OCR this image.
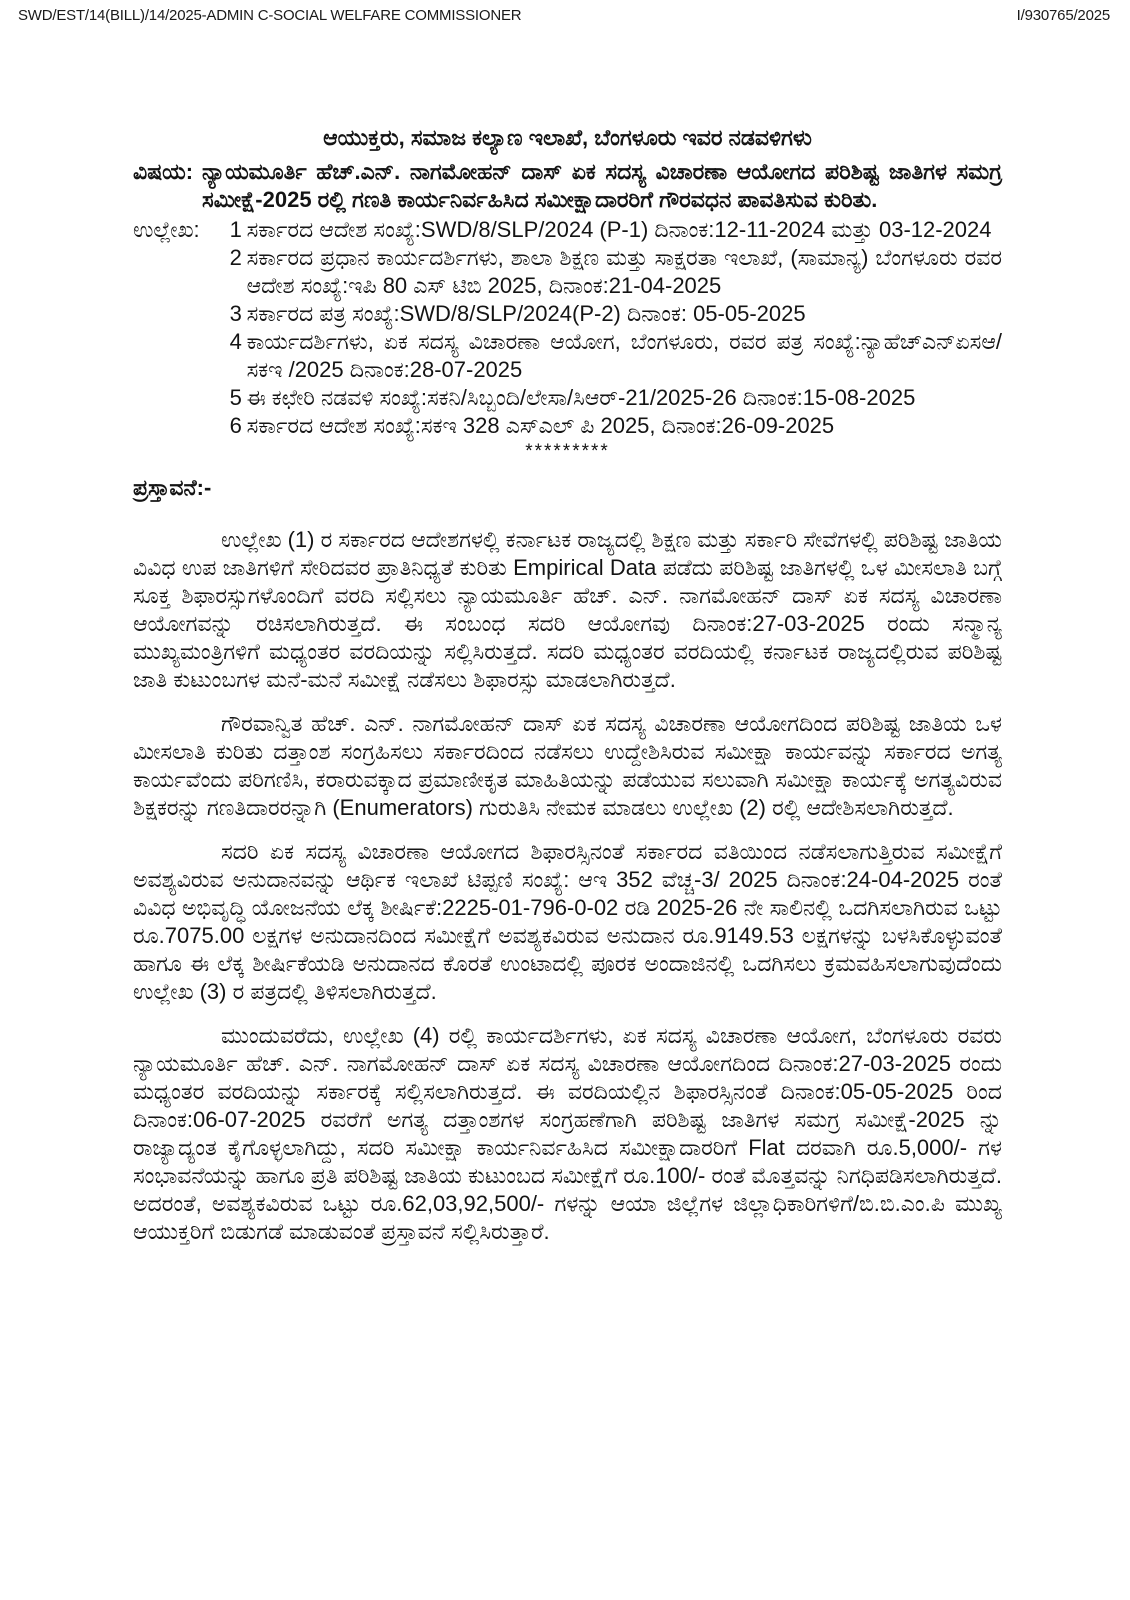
SWD/EST/14(BILL)/14/2025-ADMIN C-SOCIAL WELFARE COMMISSIONER	I/930765/2025
ಆಯುಕ್ತರು, ಸಮಾಜ ಕಲ್ಯಾಣ ಇಲಾಖೆ, ಬೆಂಗಳೂರು ಇವರ ನಡವಳಿಗಳು
ವಿಷಯ: ನ್ಯಾಯಮೂರ್ತಿ ಹೆಚ್.ಎನ್. ನಾಗಮೋಹನ್ ದಾಸ್ ಏಕ ಸದಸ್ಯ ವಿಚಾರಣಾ ಆಯೋಗದ ಪರಿಶಿಷ್ಟ ಜಾತಿಗಳ ಸಮಗ್ರ ಸಮೀಕ್ಷೆ-2025 ರಲ್ಲಿ ಗಣತಿ ಕಾರ್ಯನಿರ್ವಹಿಸಿದ ಸಮೀಕ್ಷಾದಾರರಿಗೆ ಗೌರವಧನ ಪಾವತಿಸುವ ಕುರಿತು.
ಉಲ್ಲೇಖ: 1 ಸರ್ಕಾರದ ಆದೇಶ ಸಂಖ್ಯೆ:SWD/8/SLP/2024 (P-1) ದಿನಾಂಕ:12-11-2024 ಮತ್ತು 03-12-2024
2 ಸರ್ಕಾರದ ಪ್ರಧಾನ ಕಾರ್ಯದರ್ಶಿಗಳು, ಶಾಲಾ ಶಿಕ್ಷಣ ಮತ್ತು ಸಾಕ್ಷರತಾ ಇಲಾಖೆ, (ಸಾಮಾನ್ಯ) ಬೆಂಗಳೂರು ರವರ ಆದೇಶ ಸಂಖ್ಯೆ:ಇಪಿ 80 ಎಸ್ ಟಿಬಿ 2025, ದಿನಾಂಕ:21-04-2025
3 ಸರ್ಕಾರದ ಪತ್ರ ಸಂಖ್ಯೆ:SWD/8/SLP/2024(P-2) ದಿನಾಂಕ: 05-05-2025
4 ಕಾರ್ಯದರ್ಶಿಗಳು, ಏಕ ಸದಸ್ಯ ವಿಚಾರಣಾ ಆಯೋಗ, ಬೆಂಗಳೂರು, ರವರ ಪತ್ರ ಸಂಖ್ಯೆ:ನ್ಯಾಹೆಚ್ಎನ್ಏಸಆ/ಸಕಇ /2025 ದಿನಾಂಕ:28-07-2025
5 ಈ ಕಛೇರಿ ನಡವಳಿ ಸಂಖ್ಯೆ:ಸಕನಿ/ಸಿಬ್ಬಂದಿ/ಲೇಸಾ/ಸಿಆರ್-21/2025-26 ದಿನಾಂಕ:15-08-2025
6 ಸರ್ಕಾರದ ಆದೇಶ ಸಂಖ್ಯೆ:ಸಕಇ 328 ಎಸ್ಎಲ್ ಪಿ 2025, ದಿನಾಂಕ:26-09-2025
*********
ಪ್ರಸ್ತಾವನೆ:-

ಉಲ್ಲೇಖ (1) ರ ಸರ್ಕಾರದ ಆದೇಶಗಳಲ್ಲಿ ಕರ್ನಾಟಕ ರಾಜ್ಯದಲ್ಲಿ ಶಿಕ್ಷಣ ಮತ್ತು ಸರ್ಕಾರಿ ಸೇವೆಗಳಲ್ಲಿ ಪರಿಶಿಷ್ಟ ಜಾತಿಯ ವಿವಿಧ ಉಪ ಜಾತಿಗಳಿಗೆ ಸೇರಿದವರ ಪ್ರಾತಿನಿಧ್ಯತೆ ಕುರಿತು Empirical Data ಪಡೆದು ಪರಿಶಿಷ್ಟ ಜಾತಿಗಳಲ್ಲಿ ಒಳ ಮೀಸಲಾತಿ ಬಗ್ಗೆ ಸೂಕ್ತ ಶಿಫಾರಸ್ಸುಗಳೊಂದಿಗೆ ವರದಿ ಸಲ್ಲಿಸಲು ನ್ಯಾಯಮೂರ್ತಿ ಹೆಚ್. ಎನ್. ನಾಗಮೋಹನ್ ದಾಸ್ ಏಕ ಸದಸ್ಯ ವಿಚಾರಣಾ ಆಯೋಗವನ್ನು ರಚಿಸಲಾಗಿರುತ್ತದೆ. ಈ ಸಂಬಂಧ ಸದರಿ ಆಯೋಗವು ದಿನಾಂಕ:27-03-2025 ರಂದು ಸನ್ಮಾನ್ಯ ಮುಖ್ಯಮಂತ್ರಿಗಳಿಗೆ ಮಧ್ಯಂತರ ವರದಿಯನ್ನು ಸಲ್ಲಿಸಿರುತ್ತದೆ. ಸದರಿ ಮಧ್ಯಂತರ ವರದಿಯಲ್ಲಿ ಕರ್ನಾಟಕ ರಾಜ್ಯದಲ್ಲಿರುವ ಪರಿಶಿಷ್ಟ ಜಾತಿ ಕುಟುಂಬಗಳ ಮನೆ-ಮನೆ ಸಮೀಕ್ಷೆ ನಡೆಸಲು ಶಿಫಾರಸ್ಸು ಮಾಡಲಾಗಿರುತ್ತದೆ.

ಗೌರವಾನ್ವಿತ ಹೆಚ್. ಎನ್. ನಾಗಮೋಹನ್ ದಾಸ್ ಏಕ ಸದಸ್ಯ ವಿಚಾರಣಾ ಆಯೋಗದಿಂದ ಪರಿಶಿಷ್ಟ ಜಾತಿಯ ಒಳ ಮೀಸಲಾತಿ ಕುರಿತು ದತ್ತಾಂಶ ಸಂಗ್ರಹಿಸಲು ಸರ್ಕಾರದಿಂದ ನಡೆಸಲು ಉದ್ದೇಶಿಸಿರುವ ಸಮೀಕ್ಷಾ ಕಾರ್ಯವನ್ನು ಸರ್ಕಾರದ ಅಗತ್ಯ ಕಾರ್ಯವೆಂದು ಪರಿಗಣಿಸಿ, ಕರಾರುವಕ್ಕಾದ ಪ್ರಮಾಣೀಕೃತ ಮಾಹಿತಿಯನ್ನು ಪಡೆಯುವ ಸಲುವಾಗಿ ಸಮೀಕ್ಷಾ ಕಾರ್ಯಕ್ಕೆ ಅಗತ್ಯವಿರುವ ಶಿಕ್ಷಕರನ್ನು ಗಣತಿದಾರರನ್ನಾಗಿ (Enumerators) ಗುರುತಿಸಿ ನೇಮಕ ಮಾಡಲು ಉಲ್ಲೇಖ (2) ರಲ್ಲಿ ಆದೇಶಿಸಲಾಗಿರುತ್ತದೆ.

ಸದರಿ ಏಕ ಸದಸ್ಯ ವಿಚಾರಣಾ ಆಯೋಗದ ಶಿಫಾರಸ್ಸಿನಂತೆ ಸರ್ಕಾರದ ವತಿಯಿಂದ ನಡೆಸಲಾಗುತ್ತಿರುವ ಸಮೀಕ್ಷೆಗೆ ಅವಶ್ಯವಿರುವ ಅನುದಾನವನ್ನು ಆರ್ಥಿಕ ಇಲಾಖೆ ಟಿಪ್ಪಣಿ ಸಂಖ್ಯೆ: ಆಇ 352 ವೆಚ್ಚ-3/ 2025 ದಿನಾಂಕ:24-04-2025 ರಂತೆ ವಿವಿಧ ಅಭಿವೃದ್ಧಿ ಯೋಜನೆಯ ಲೆಕ್ಕ ಶೀರ್ಷಿಕೆ:2225-01-796-0-02 ರಡಿ 2025-26 ನೇ ಸಾಲಿನಲ್ಲಿ ಒದಗಿಸಲಾಗಿರುವ ಒಟ್ಟು ರೂ.7075.00 ಲಕ್ಷಗಳ ಅನುದಾನದಿಂದ ಸಮೀಕ್ಷೆಗೆ ಅವಶ್ಯಕವಿರುವ ಅನುದಾನ ರೂ.9149.53 ಲಕ್ಷಗಳನ್ನು ಬಳಸಿಕೊಳ್ಳುವಂತೆ ಹಾಗೂ ಈ ಲೆಕ್ಕ ಶೀರ್ಷಿಕೆಯಡಿ ಅನುದಾನದ ಕೊರತೆ ಉಂಟಾದಲ್ಲಿ ಪೂರಕ ಅಂದಾಜಿನಲ್ಲಿ ಒದಗಿಸಲು ಕ್ರಮವಹಿಸಲಾಗುವುದೆಂದು ಉಲ್ಲೇಖ (3) ರ ಪತ್ರದಲ್ಲಿ ತಿಳಿಸಲಾಗಿರುತ್ತದೆ.

ಮುಂದುವರೆದು, ಉಲ್ಲೇಖ (4) ರಲ್ಲಿ ಕಾರ್ಯದರ್ಶಿಗಳು, ಏಕ ಸದಸ್ಯ ವಿಚಾರಣಾ ಆಯೋಗ, ಬೆಂಗಳೂರು ರವರು ನ್ಯಾಯಮೂರ್ತಿ ಹೆಚ್. ಎನ್. ನಾಗಮೋಹನ್ ದಾಸ್ ಏಕ ಸದಸ್ಯ ವಿಚಾರಣಾ ಆಯೋಗದಿಂದ ದಿನಾಂಕ:27-03-2025 ರಂದು ಮಧ್ಯಂತರ ವರದಿಯನ್ನು ಸರ್ಕಾರಕ್ಕೆ ಸಲ್ಲಿಸಲಾಗಿರುತ್ತದೆ. ಈ ವರದಿಯಲ್ಲಿನ ಶಿಫಾರಸ್ಸಿನಂತೆ ದಿನಾಂಕ:05-05-2025 ರಿಂದ ದಿನಾಂಕ:06-07-2025 ರವರೆಗೆ ಅಗತ್ಯ ದತ್ತಾಂಶಗಳ ಸಂಗ್ರಹಣೆಗಾಗಿ ಪರಿಶಿಷ್ಟ ಜಾತಿಗಳ ಸಮಗ್ರ ಸಮೀಕ್ಷೆ-2025 ನ್ನು ರಾಜ್ಯಾದ್ಯಂತ ಕೈಗೊಳ್ಳಲಾಗಿದ್ದು, ಸದರಿ ಸಮೀಕ್ಷಾ ಕಾರ್ಯನಿರ್ವಹಿಸಿದ ಸಮೀಕ್ಷಾದಾರರಿಗೆ Flat ದರವಾಗಿ ರೂ.5,000/- ಗಳ ಸಂಭಾವನೆಯನ್ನು ಹಾಗೂ ಪ್ರತಿ ಪರಿಶಿಷ್ಟ ಜಾತಿಯ ಕುಟುಂಬದ ಸಮೀಕ್ಷೆಗೆ ರೂ.100/- ರಂತೆ ಮೊತ್ತವನ್ನು ನಿಗಧಿಪಡಿಸಲಾಗಿರುತ್ತದೆ. ಅದರಂತೆ, ಅವಶ್ಯಕವಿರುವ ಒಟ್ಟು ರೂ.62,03,92,500/- ಗಳನ್ನು ಆಯಾ ಜಿಲ್ಲೆಗಳ ಜಿಲ್ಲಾಧಿಕಾರಿಗಳಿಗೆ/ಬಿ.ಬಿ.ಎಂ.ಪಿ ಮುಖ್ಯ ಆಯುಕ್ತರಿಗೆ ಬಿಡುಗಡೆ ಮಾಡುವಂತೆ ಪ್ರಸ್ತಾವನೆ ಸಲ್ಲಿಸಿರುತ್ತಾರೆ.
